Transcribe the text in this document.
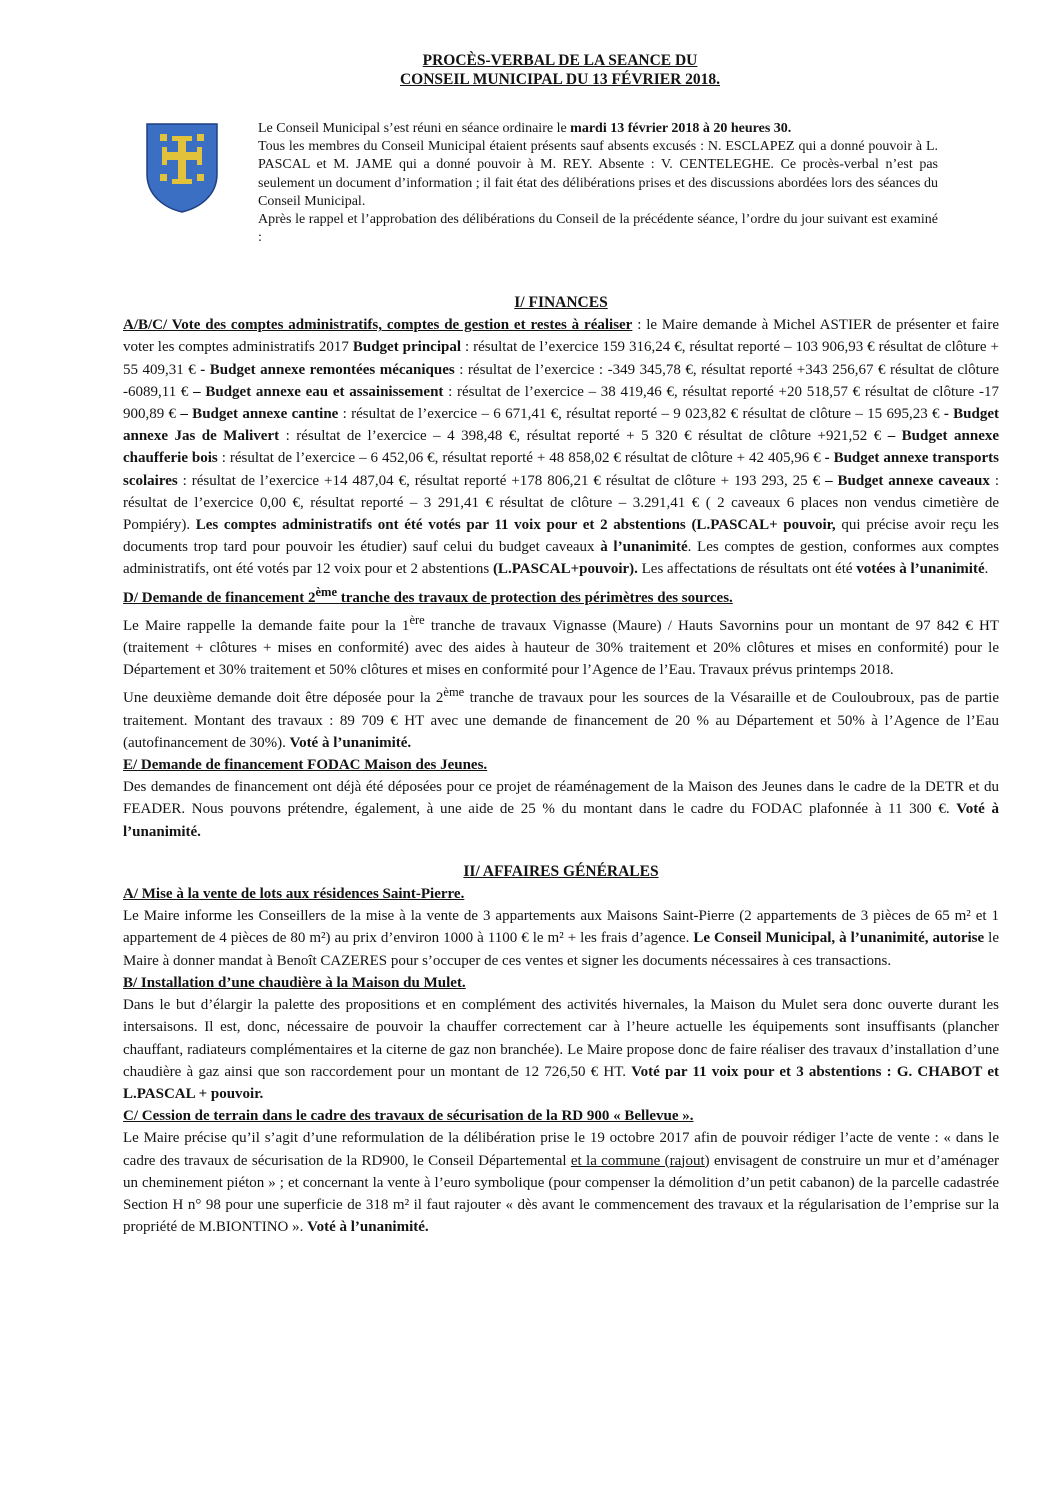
PROCÈS-VERBAL DE LA SEANCE DU
CONSEIL MUNICIPAL DU 13 FÉVRIER 2018.

Le Conseil Municipal s’est réuni en séance ordinaire le mardi 13 février 2018 à 20 heures 30.

Tous les membres du Conseil Municipal étaient présents sauf absents excusés : N. ESCLAPEZ qui a donné pouvoir à L. PASCAL et M. JAME qui a donné pouvoir à M. REY. Absente : V. CENTELEGHE. Ce procès-verbal n’est pas seulement un document d’information ; il fait état des délibérations prises et des discussions abordées lors des séances du Conseil Municipal.

Après le rappel et l’approbation des délibérations du Conseil de la précédente séance, l’ordre du jour suivant est examiné :

I/ FINANCES

A/B/C/ Vote des comptes administratifs, comptes de gestion et restes à réaliser : le Maire demande à Michel ASTIER de présenter et faire voter les comptes administratifs 2017 Budget principal : résultat de l’exercice 159 316,24 €, résultat reporté – 103 906,93 € résultat de clôture + 55 409,31 € - Budget annexe remontées mécaniques : résultat de l’exercice : -349 345,78 €, résultat reporté +343 256,67 € résultat de clôture -6089,11 € – Budget annexe eau et assainissement : résultat de l’exercice – 38 419,46 €, résultat reporté +20 518,57 € résultat de clôture -17 900,89 € – Budget annexe cantine : résultat de l’exercice – 6 671,41 €, résultat reporté – 9 023,82 € résultat de clôture – 15 695,23 € - Budget annexe Jas de Malivert : résultat de l’exercice – 4 398,48 €, résultat reporté + 5 320 € résultat de clôture +921,52 € – Budget annexe chaufferie bois : résultat de l’exercice – 6 452,06 €, résultat reporté + 48 858,02 € résultat de clôture + 42 405,96 € - Budget annexe transports scolaires : résultat de l’exercice +14 487,04 €, résultat reporté +178 806,21 € résultat de clôture + 193 293, 25 € – Budget annexe caveaux : résultat de l’exercice 0,00 €, résultat reporté – 3 291,41 € résultat de clôture – 3.291,41 € ( 2 caveaux 6 places non vendus cimetière de Pompiéry). Les comptes administratifs ont été votés par 11 voix pour et 2 abstentions (L.PASCAL+ pouvoir, qui précise avoir reçu les documents trop tard pour pouvoir les étudier) sauf celui du budget caveaux à l’unanimité. Les comptes de gestion, conformes aux comptes administratifs, ont été votés par 12 voix pour et 2 abstentions (L.PASCAL+pouvoir). Les affectations de résultats ont été votées à l’unanimité.

D/ Demande de financement 2ème tranche des travaux de protection des périmètres des sources.

Le Maire rappelle la demande faite pour la 1ère tranche de travaux Vignasse (Maure) / Hauts Savornins pour un montant de 97 842 € HT (traitement + clôtures + mises en conformité) avec des aides à hauteur de 30% traitement et 20% clôtures et mises en conformité) pour le Département et 30% traitement et 50% clôtures et mises en conformité pour l’Agence de l’Eau. Travaux prévus printemps 2018.

Une deuxième demande doit être déposée pour la 2ème tranche de travaux pour les sources de la Vésaraille et de Couloubroux, pas de partie traitement. Montant des travaux : 89 709 € HT avec une demande de financement de 20 % au Département et 50% à l’Agence de l’Eau (autofinancement de 30%). Voté à l’unanimité.

E/ Demande de financement FODAC Maison des Jeunes.

Des demandes de financement ont déjà été déposées pour ce projet de réaménagement de la Maison des Jeunes dans le cadre de la DETR et du FEADER. Nous pouvons prétendre, également, à une aide de 25 % du montant dans le cadre du FODAC plafonnée à 11 300 €. Voté à l’unanimité.

II/ AFFAIRES GÉNÉRALES

A/ Mise à la vente de lots aux résidences Saint-Pierre.

Le Maire informe les Conseillers de la mise à la vente de 3 appartements aux Maisons Saint-Pierre (2 appartements de 3 pièces de 65 m² et 1 appartement de 4 pièces de 80 m²) au prix d’environ 1000 à 1100 € le m² + les frais d’agence. Le Conseil Municipal, à l’unanimité, autorise le Maire à donner mandat à Benoît CAZERES pour s’occuper de ces ventes et signer les documents nécessaires à ces transactions.

B/ Installation d’une chaudière à la Maison du Mulet.

Dans le but d’élargir la palette des propositions et en complément des activités hivernales, la Maison du Mulet sera donc ouverte durant les intersaisons. Il est, donc, nécessaire de pouvoir la chauffer correctement car à l’heure actuelle les équipements sont insuffisants (plancher chauffant, radiateurs complémentaires et la citerne de gaz non branchée). Le Maire propose donc de faire réaliser des travaux d’installation d’une chaudière à gaz ainsi que son raccordement pour un montant de 12 726,50 € HT. Voté par 11 voix pour et 3 abstentions : G. CHABOT et L.PASCAL + pouvoir.

C/ Cession de terrain dans le cadre des travaux de sécurisation de la RD 900 « Bellevue ».

Le Maire précise qu’il s’agit d’une reformulation de la délibération prise le 19 octobre 2017 afin de pouvoir rédiger l’acte de vente : « dans le cadre des travaux de sécurisation de la RD900, le Conseil Départemental et la commune (rajout) envisagent de construire un mur et d’aménager un cheminement piéton » ; et concernant la vente à l’euro symbolique (pour compenser la démolition d’un petit cabanon) de la parcelle cadastrée Section H n° 98 pour une superficie de 318 m² il faut rajouter « dès avant le commencement des travaux et la régularisation de l’emprise sur la propriété de M.BIONTINO ». Voté à l’unanimité.
